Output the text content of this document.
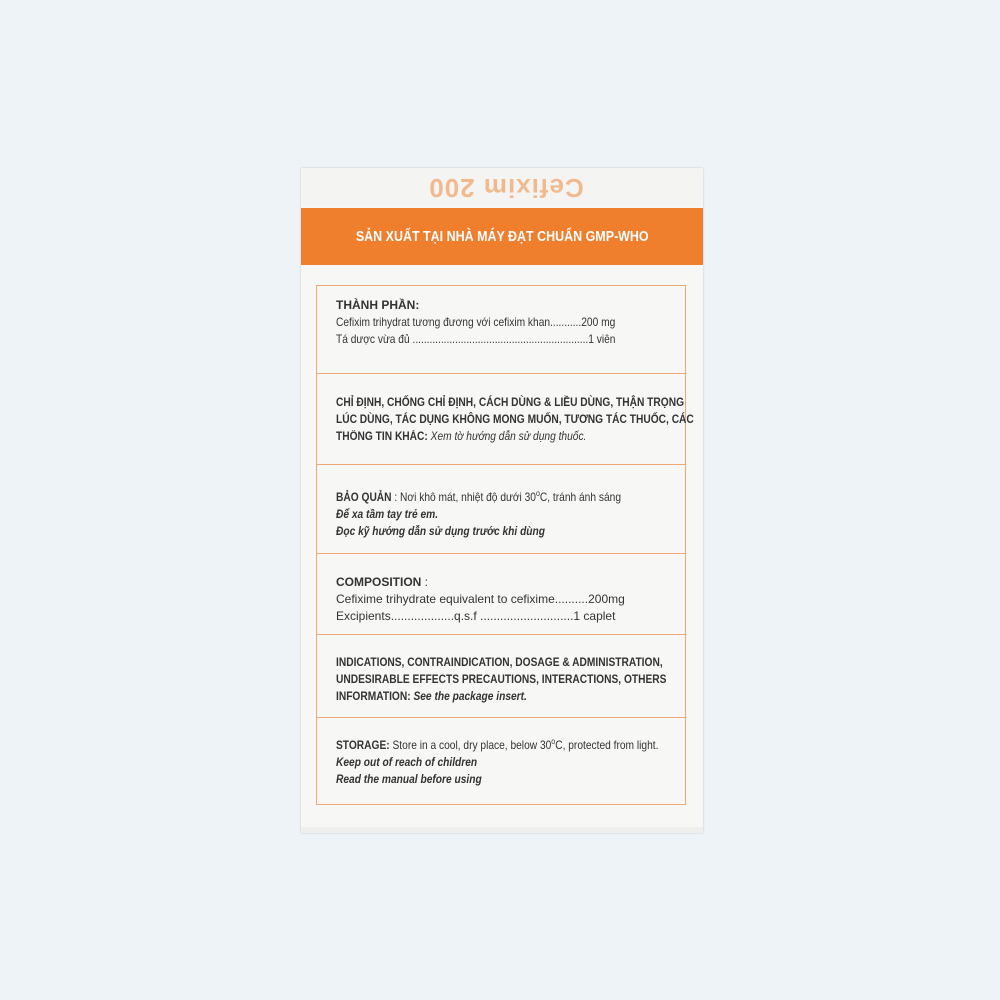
Cefixim 200
SẢN XUẤT TẠI NHÀ MÁY ĐẠT CHUẨN GMP-WHO
THÀNH PHẦN:
Cefixim trihydrat tương đương với cefixim khan...........200 mg
Tá dược vừa đủ ..............................................................1 viên
CHỈ ĐỊNH, CHỐNG CHỈ ĐỊNH, CÁCH DÙNG & LIỀU DÙNG, THẬN TRỌNG
LÚC DÙNG, TÁC DỤNG KHÔNG MONG MUỐN, TƯƠNG TÁC THUỐC, CÁC
THÔNG TIN KHÁC: Xem tờ hướng dẫn sử dụng thuốc.
BẢO QUẢN : Nơi khô mát, nhiệt độ dưới 30$^o$C, tránh ánh sáng
Để xa tầm tay trẻ em.
Đọc kỹ hướng dẫn sử dụng trước khi dùng
COMPOSITION :
Cefixime trihydrate equivalent to cefixime..........200mg
Excipients...................q.s.f ............................1 caplet
INDICATIONS, CONTRAINDICATION, DOSAGE & ADMINISTRATION,
UNDESIRABLE EFFECTS PRECAUTIONS, INTERACTIONS, OTHERS
INFORMATION: See the package insert.
STORAGE: Store in a cool, dry place, below 30$^o$C, protected from light.
Keep out of reach of children
Read the manual before using
